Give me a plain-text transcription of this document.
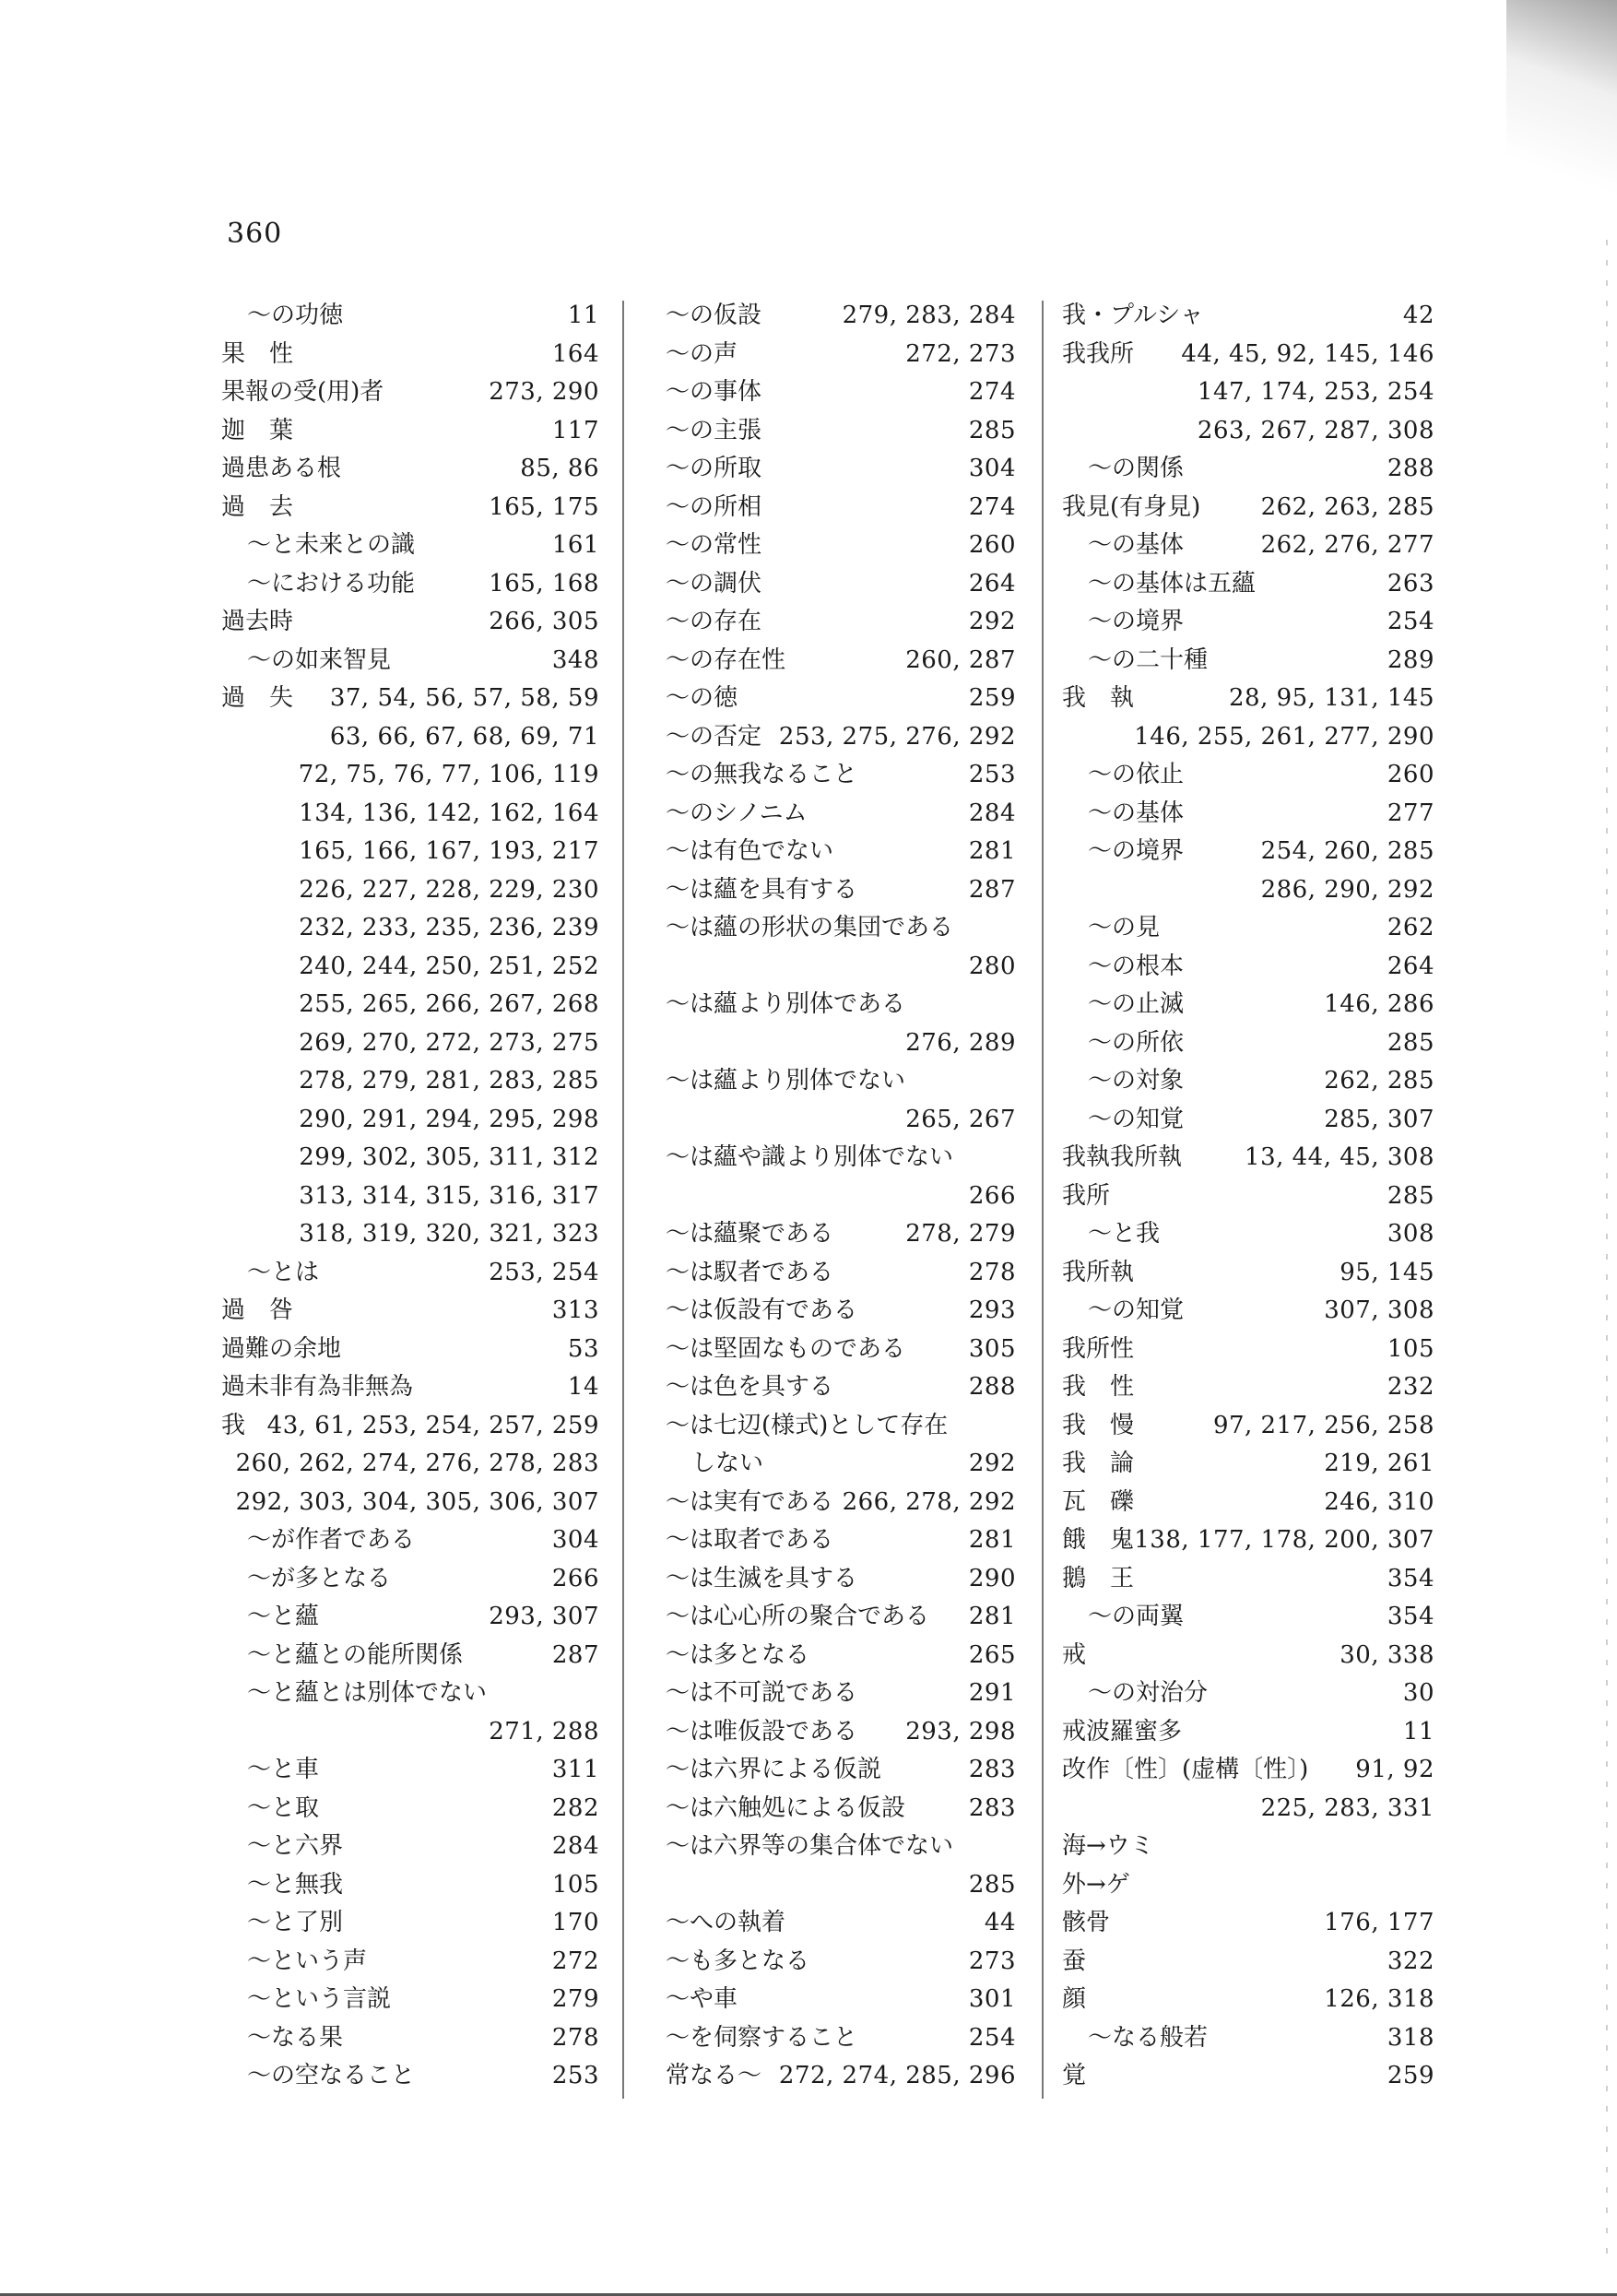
360
〜の功徳	11
果　性	164
果報の受(用)者	273, 290
迦　葉	117
過患ある根	85, 86
過　去	165, 175
〜と未来との識	161
〜における功能	165, 168
過去時	266, 305
〜の如来智見	348
過　失 37, 54, 56, 57, 58, 59
63, 66, 67, 68, 69, 71
72, 75, 76, 77, 106, 119
134, 136, 142, 162, 164
165, 166, 167, 193, 217
226, 227, 228, 229, 230
232, 233, 235, 236, 239
240, 244, 250, 251, 252
255, 265, 266, 267, 268
269, 270, 272, 273, 275
278, 279, 281, 283, 285
290, 291, 294, 295, 298
299, 302, 305, 311, 312
313, 314, 315, 316, 317
318, 319, 320, 321, 323
〜とは	253, 254
過　咎	313
過難の余地	53
過未非有為非無為	14
我 43, 61, 253, 254, 257, 259
260, 262, 274, 276, 278, 283
292, 303, 304, 305, 306, 307
〜が作者である	304
〜が多となる	266
〜と蘊	293, 307
〜と蘊との能所関係	287
〜と蘊とは別体でない
271, 288
〜と車	311
〜と取	282
〜と六界	284
〜と無我	105
〜と了別	170
〜という声	272
〜という言説	279
〜なる果	278
〜の空なること	253
〜の仮設	279, 283, 284
〜の声	272, 273
〜の事体	274
〜の主張	285
〜の所取	304
〜の所相	274
〜の常性	260
〜の調伏	264
〜の存在	292
〜の存在性	260, 287
〜の徳	259
〜の否定 253, 275, 276, 292
〜の無我なること	253
〜のシノニム	284
〜は有色でない	281
〜は蘊を具有する	287
〜は蘊の形状の集団である
280
〜は蘊より別体である
276, 289
〜は蘊より別体でない
265, 267
〜は蘊や識より別体でない
266
〜は蘊聚である	278, 279
〜は馭者である	278
〜は仮設有である	293
〜は堅固なものである	305
〜は色を具する	288
〜は七辺(様式)として存在
しない	292
〜は実有である 266, 278, 292
〜は取者である	281
〜は生滅を具する	290
〜は心心所の聚合である 281
〜は多となる	265
〜は不可説である	291
〜は唯仮設である 293, 298
〜は六界による仮説	283
〜は六触処による仮設	283
〜は六界等の集合体でない
285
〜への執着	44
〜も多となる	273
〜や車	301
〜を伺察すること	254
常なる〜 272, 274, 285, 296
我・プルシャ	42
我我所 44, 45, 92, 145, 146
147, 174, 253, 254
263, 267, 287, 308
〜の関係	288
我見(有身見)	262, 263, 285
〜の基体	262, 276, 277
〜の基体は五蘊	263
〜の境界	254
〜の二十種	289
我　執	28, 95, 131, 145
146, 255, 261, 277, 290
〜の依止	260
〜の基体	277
〜の境界	254, 260, 285
286, 290, 292
〜の見	262
〜の根本	264
〜の止滅	146, 286
〜の所依	285
〜の対象	262, 285
〜の知覚	285, 307
我執我所執	13, 44, 45, 308
我所	285
〜と我	308
我所執	95, 145
〜の知覚	307, 308
我所性	105
我　性	232
我　慢	97, 217, 256, 258
我　論	219, 261
瓦　礫	246, 310
餓　鬼 138, 177, 178, 200, 307
鵝　王	354
〜の両翼	354
戒	30, 338
〜の対治分	30
戒波羅蜜多	11
改作〔性〕(虚構〔性〕) 91, 92
225, 283, 331
海→ウミ
外→ゲ
骸骨	176, 177
蚕	322
顔	126, 318
〜なる般若	318
覚	259
